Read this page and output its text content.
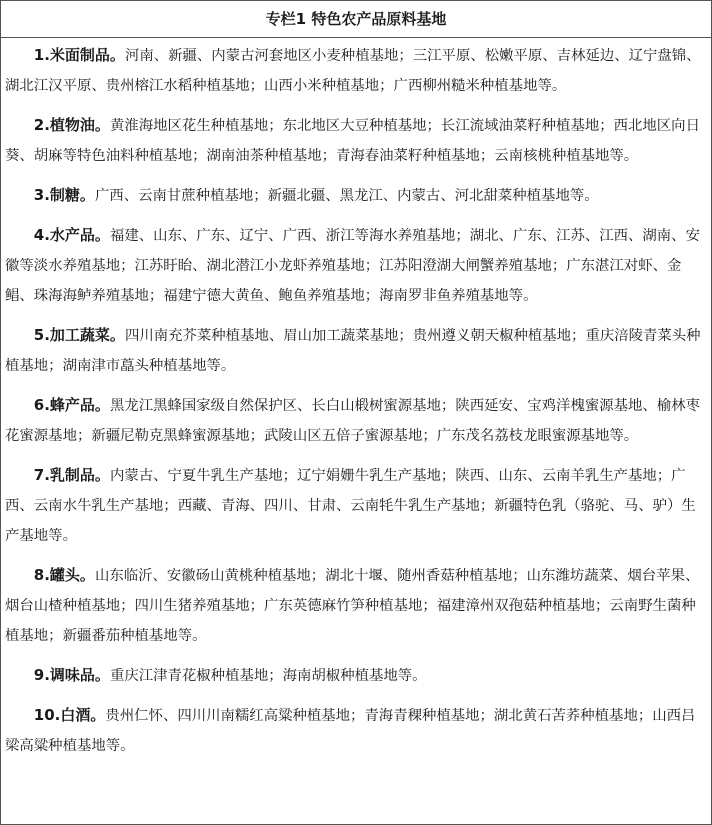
专栏1 特色农产品原料基地

1.米面制品。河南、新疆、内蒙古河套地区小麦种植基地；三江平原、松嫩平原、吉林延边、辽宁盘锦、湖北江汉平原、贵州榕江水稻种植基地；山西小米种植基地；广西柳州糙米种植基地等。

2.植物油。黄淮海地区花生种植基地；东北地区大豆种植基地；长江流域油菜籽种植基地；西北地区向日葵、胡麻等特色油料种植基地；湖南油茶种植基地；青海春油菜籽种植基地；云南核桃种植基地等。

3.制糖。广西、云南甘蔗种植基地；新疆北疆、黑龙江、内蒙古、河北甜菜种植基地等。

4.水产品。福建、山东、广东、辽宁、广西、浙江等海水养殖基地；湖北、广东、江苏、江西、湖南、安徽等淡水养殖基地；江苏盱眙、湖北潜江小龙虾养殖基地；江苏阳澄湖大闸蟹养殖基地；广东湛江对虾、金鲳、珠海海鲈养殖基地；福建宁德大黄鱼、鲍鱼养殖基地；海南罗非鱼养殖基地等。

5.加工蔬菜。四川南充芥菜种植基地、眉山加工蔬菜基地；贵州遵义朝天椒种植基地；重庆涪陵青菜头种植基地；湖南津市藠头种植基地等。

6.蜂产品。黑龙江黑蜂国家级自然保护区、长白山椴树蜜源基地；陕西延安、宝鸡洋槐蜜源基地、榆林枣花蜜源基地；新疆尼勒克黑蜂蜜源基地；武陵山区五倍子蜜源基地；广东茂名荔枝龙眼蜜源基地等。

7.乳制品。内蒙古、宁夏牛乳生产基地；辽宁娟姗牛乳生产基地；陕西、山东、云南羊乳生产基地；广西、云南水牛乳生产基地；西藏、青海、四川、甘肃、云南牦牛乳生产基地；新疆特色乳（骆驼、马、驴）生产基地等。

8.罐头。山东临沂、安徽砀山黄桃种植基地；湖北十堰、随州香菇种植基地；山东潍坊蔬菜、烟台苹果、烟台山楂种植基地；四川生猪养殖基地；广东英德麻竹笋种植基地；福建漳州双孢菇种植基地；云南野生菌种植基地；新疆番茄种植基地等。

9.调味品。重庆江津青花椒种植基地；海南胡椒种植基地等。

10.白酒。贵州仁怀、四川川南糯红高粱种植基地；青海青稞种植基地；湖北黄石苦荞种植基地；山西吕梁高粱种植基地等。
